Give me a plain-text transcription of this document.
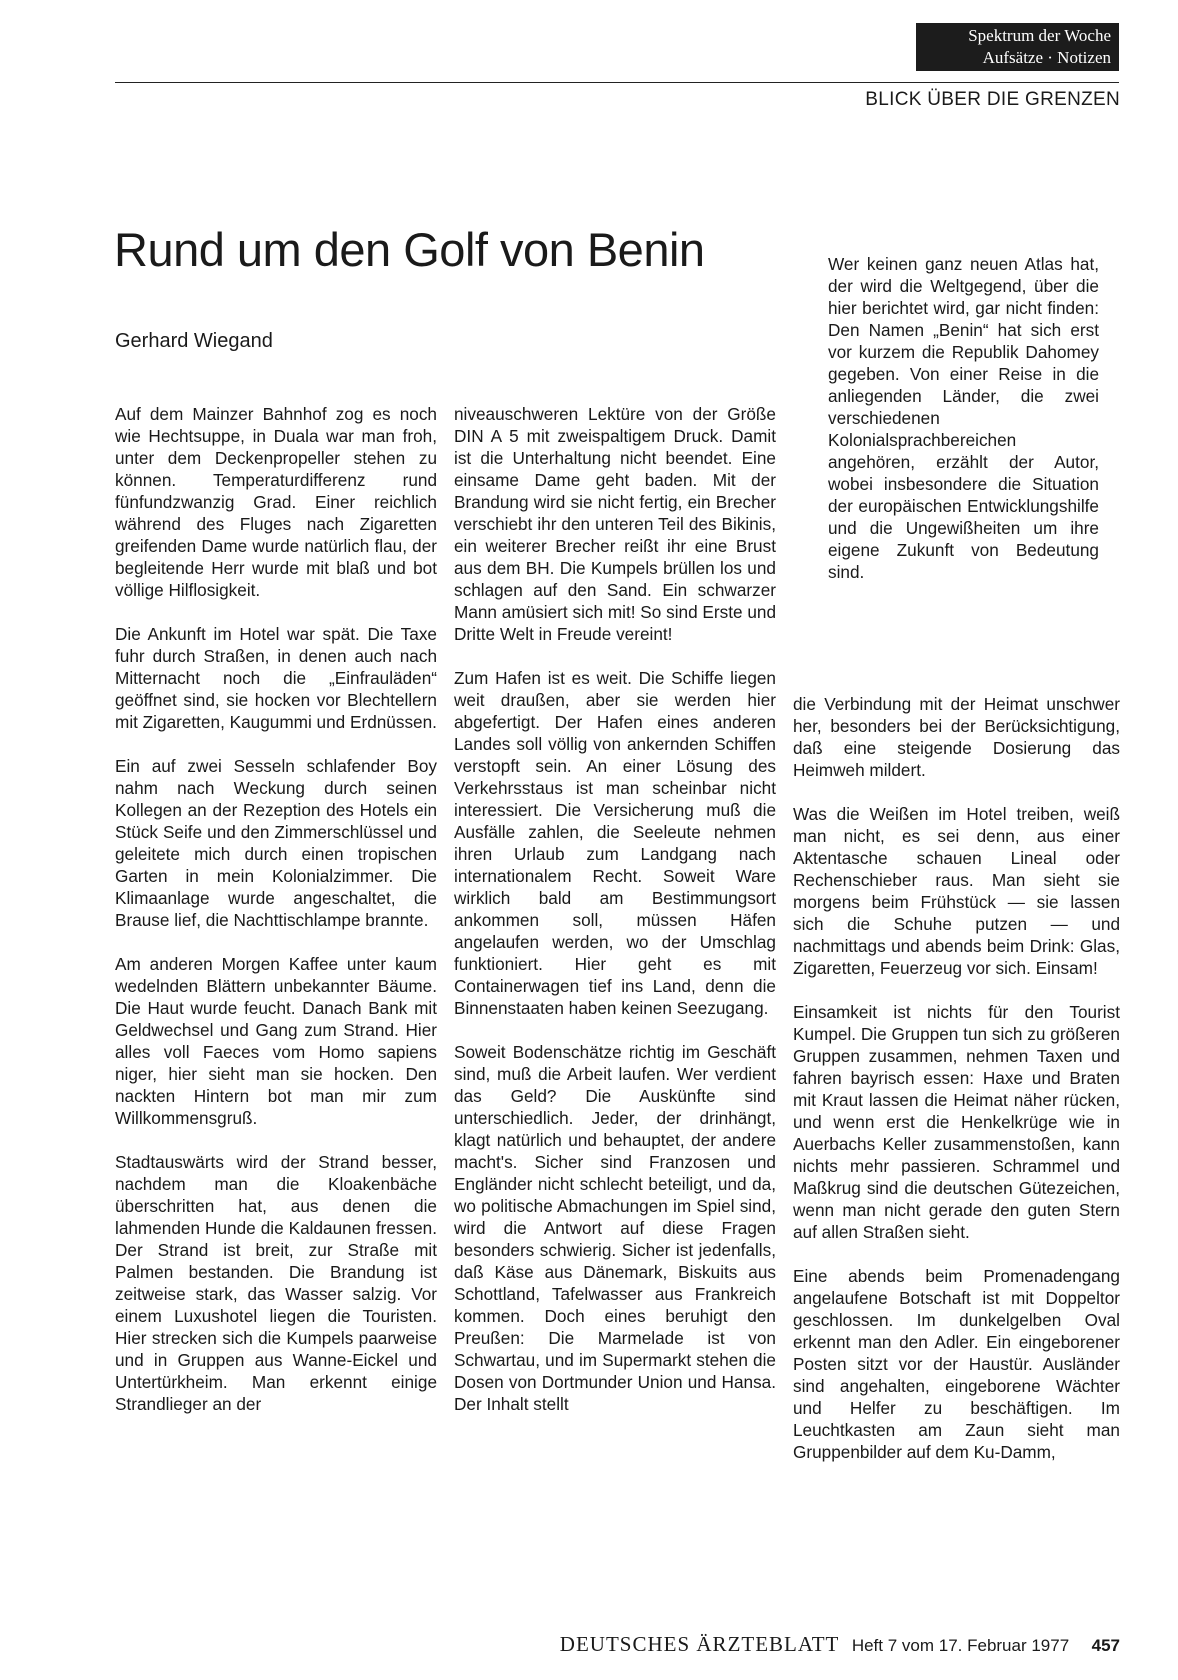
Spektrum der Woche
Aufsätze · Notizen
BLICK ÜBER DIE GRENZEN
Rund um den Golf von Benin
Gerhard Wiegand
Wer keinen ganz neuen Atlas hat, der wird die Weltgegend, über die hier berichtet wird, gar nicht finden: Den Namen „Benin“ hat sich erst vor kurzem die Republik Dahomey gegeben. Von einer Reise in die anliegenden Länder, die zwei verschiedenen Kolonialsprachbereichen angehören, erzählt der Autor, wobei insbesondere die Situation der europäischen Entwicklungshilfe und die Ungewißheiten um ihre eigene Zukunft von Bedeutung sind.

Auf dem Mainzer Bahnhof zog es noch wie Hechtsuppe, in Duala war man froh, unter dem Deckenpropeller stehen zu können. Temperaturdifferenz rund fünfundzwanzig Grad. Einer reichlich während des Fluges nach Zigaretten greifenden Dame wurde natürlich flau, der begleitende Herr wurde mit blaß und bot völlige Hilflosigkeit.

Die Ankunft im Hotel war spät. Die Taxe fuhr durch Straßen, in denen auch nach Mitternacht noch die „Einfrauläden“ geöffnet sind, sie hocken vor Blechtellern mit Zigaretten, Kaugummi und Erdnüssen.

Ein auf zwei Sesseln schlafender Boy nahm nach Weckung durch seinen Kollegen an der Rezeption des Hotels ein Stück Seife und den Zimmerschlüssel und geleitete mich durch einen tropischen Garten in mein Kolonialzimmer. Die Klimaanlage wurde angeschaltet, die Brause lief, die Nachttischlampe brannte.

Am anderen Morgen Kaffee unter kaum wedelnden Blättern unbekannter Bäume. Die Haut wurde feucht. Danach Bank mit Geldwechsel und Gang zum Strand. Hier alles voll Faeces vom Homo sapiens niger, hier sieht man sie hocken. Den nackten Hintern bot man mir zum Willkommensgruß.

Stadtauswärts wird der Strand besser, nachdem man die Kloakenbäche überschritten hat, aus denen die lahmenden Hunde die Kaldaunen fressen. Der Strand ist breit, zur Straße mit Palmen bestanden. Die Brandung ist zeitweise stark, das Wasser salzig. Vor einem Luxushotel liegen die Touristen. Hier strecken sich die Kumpels paarweise und in Gruppen aus Wanne-Eickel und Untertürkheim. Man erkennt einige Strandlieger an der

niveauschweren Lektüre von der Größe DIN A 5 mit zweispaltigem Druck. Damit ist die Unterhaltung nicht beendet. Eine einsame Dame geht baden. Mit der Brandung wird sie nicht fertig, ein Brecher verschiebt ihr den unteren Teil des Bikinis, ein weiterer Brecher reißt ihr eine Brust aus dem BH. Die Kumpels brüllen los und schlagen auf den Sand. Ein schwarzer Mann amüsiert sich mit! So sind Erste und Dritte Welt in Freude vereint!

Zum Hafen ist es weit. Die Schiffe liegen weit draußen, aber sie werden hier abgefertigt. Der Hafen eines anderen Landes soll völlig von ankernden Schiffen verstopft sein. An einer Lösung des Verkehrsstaus ist man scheinbar nicht interessiert. Die Versicherung muß die Ausfälle zahlen, die Seeleute nehmen ihren Urlaub zum Landgang nach internationalem Recht. Soweit Ware wirklich bald am Bestimmungsort ankommen soll, müssen Häfen angelaufen werden, wo der Umschlag funktioniert. Hier geht es mit Containerwagen tief ins Land, denn die Binnenstaaten haben keinen Seezugang.

Soweit Bodenschätze richtig im Geschäft sind, muß die Arbeit laufen. Wer verdient das Geld? Die Auskünfte sind unterschiedlich. Jeder, der drinhängt, klagt natürlich und behauptet, der andere macht's. Sicher sind Franzosen und Engländer nicht schlecht beteiligt, und da, wo politische Abmachungen im Spiel sind, wird die Antwort auf diese Fragen besonders schwierig. Sicher ist jedenfalls, daß Käse aus Dänemark, Biskuits aus Schottland, Tafelwasser aus Frankreich kommen. Doch eines beruhigt den Preußen: Die Marmelade ist von Schwartau, und im Supermarkt stehen die Dosen von Dortmunder Union und Hansa. Der Inhalt stellt

die Verbindung mit der Heimat unschwer her, besonders bei der Berücksichtigung, daß eine steigende Dosierung das Heimweh mildert.

Was die Weißen im Hotel treiben, weiß man nicht, es sei denn, aus einer Aktentasche schauen Lineal oder Rechenschieber raus. Man sieht sie morgens beim Frühstück — sie lassen sich die Schuhe putzen — und nachmittags und abends beim Drink: Glas, Zigaretten, Feuerzeug vor sich. Einsam!

Einsamkeit ist nichts für den Tourist Kumpel. Die Gruppen tun sich zu größeren Gruppen zusammen, nehmen Taxen und fahren bayrisch essen: Haxe und Braten mit Kraut lassen die Heimat näher rücken, und wenn erst die Henkelkrüge wie in Auerbachs Keller zusammenstoßen, kann nichts mehr passieren. Schrammel und Maßkrug sind die deutschen Gütezeichen, wenn man nicht gerade den guten Stern auf allen Straßen sieht.

Eine abends beim Promenadengang angelaufene Botschaft ist mit Doppeltor geschlossen. Im dunkelgelben Oval erkennt man den Adler. Ein eingeborener Posten sitzt vor der Haustür. Ausländer sind angehalten, eingeborene Wächter und Helfer zu beschäftigen. Im Leuchtkasten am Zaun sieht man Gruppenbilder auf dem Ku-Damm,

DEUTSCHES ÄRZTEBLATT Heft 7 vom 17. Februar 1977 457
